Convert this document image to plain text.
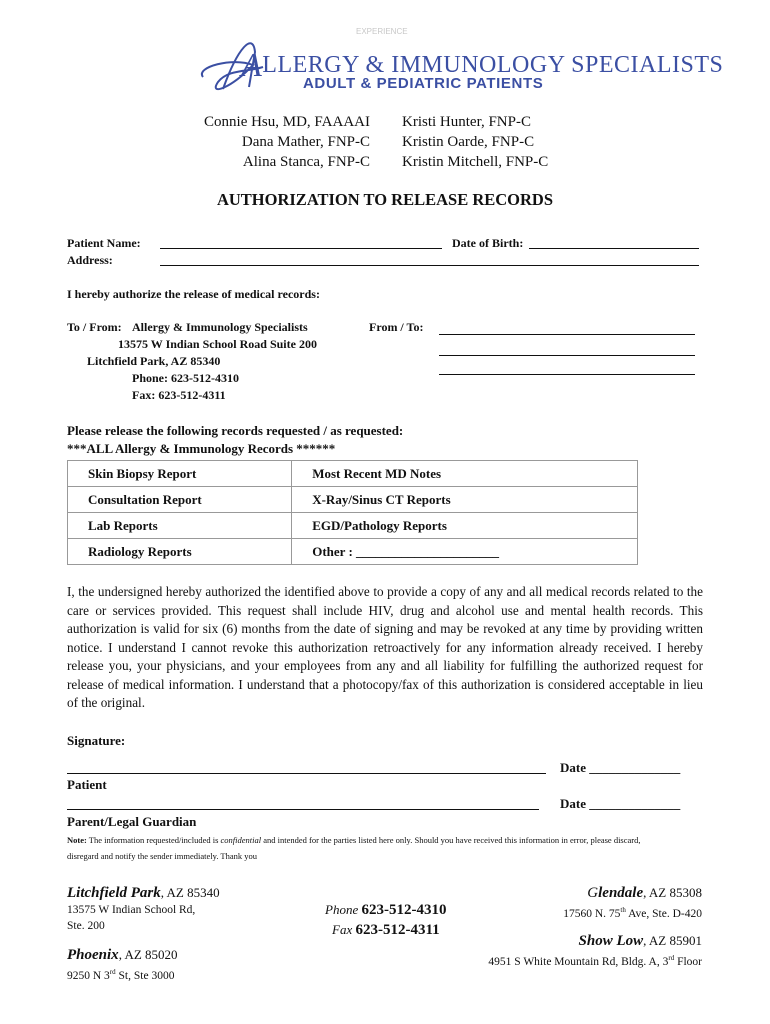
EXPERIENCE
ALLERGY & IMMUNOLOGY SPECIALISTS
ADULT & PEDIATRIC PATIENTS
Connie Hsu, MD, FAAAAI
Dana Mather, FNP-C
Alina Stanca, FNP-C
Kristi Hunter, FNP-C
Kristin Oarde, FNP-C
Kristin Mitchell, FNP-C
AUTHORIZATION TO RELEASE RECORDS
Patient Name:	Date of Birth:
Address:
I hereby authorize the release of medical records:
To / From: Allergy & Immunology Specialists
13575 W Indian School Road Suite 200
Litchfield Park, AZ 85340
Phone: 623-512-4310
Fax: 623-512-4311
From / To:
Please release the following records requested / as requested:
***ALL Allergy & Immunology Records ******
Skin Biopsy Report	Most Recent MD Notes
Consultation Report	X-Ray/Sinus CT Reports
Lab Reports	EGD/Pathology Reports
Radiology Reports	Other : ______________________
I, the undersigned hereby authorized the identified above to provide a copy of any and all medical records related to the care or services provided. This request shall include HIV, drug and alcohol use and mental health records. This authorization is valid for six (6) months from the date of signing and may be revoked at any time by providing written notice. I understand I cannot revoke this authorization retroactively for any information already received. I hereby release you, your physicians, and your employees from any and all liability for fulfilling the authorized request for release of medical information. I understand that a photocopy/fax of this authorization is considered acceptable in lieu of the original.
Signature:
Date ______________
Patient
Date ______________
Parent/Legal Guardian
Note: The information requested/included is confidential and intended for the parties listed here only. Should you have received this information in error, please discard, disregard and notify the sender immediately. Thank you
Litchfield Park, AZ 85340
13575 W Indian School Rd,
Ste. 200
Phoenix, AZ 85020
9250 N 3rd St, Ste 3000
Phone 623-512-4310
Fax 623-512-4311
Glendale, AZ 85308
17560 N. 75th Ave, Ste. D-420
Show Low, AZ 85901
4951 S White Mountain Rd, Bldg. A, 3rd Floor
